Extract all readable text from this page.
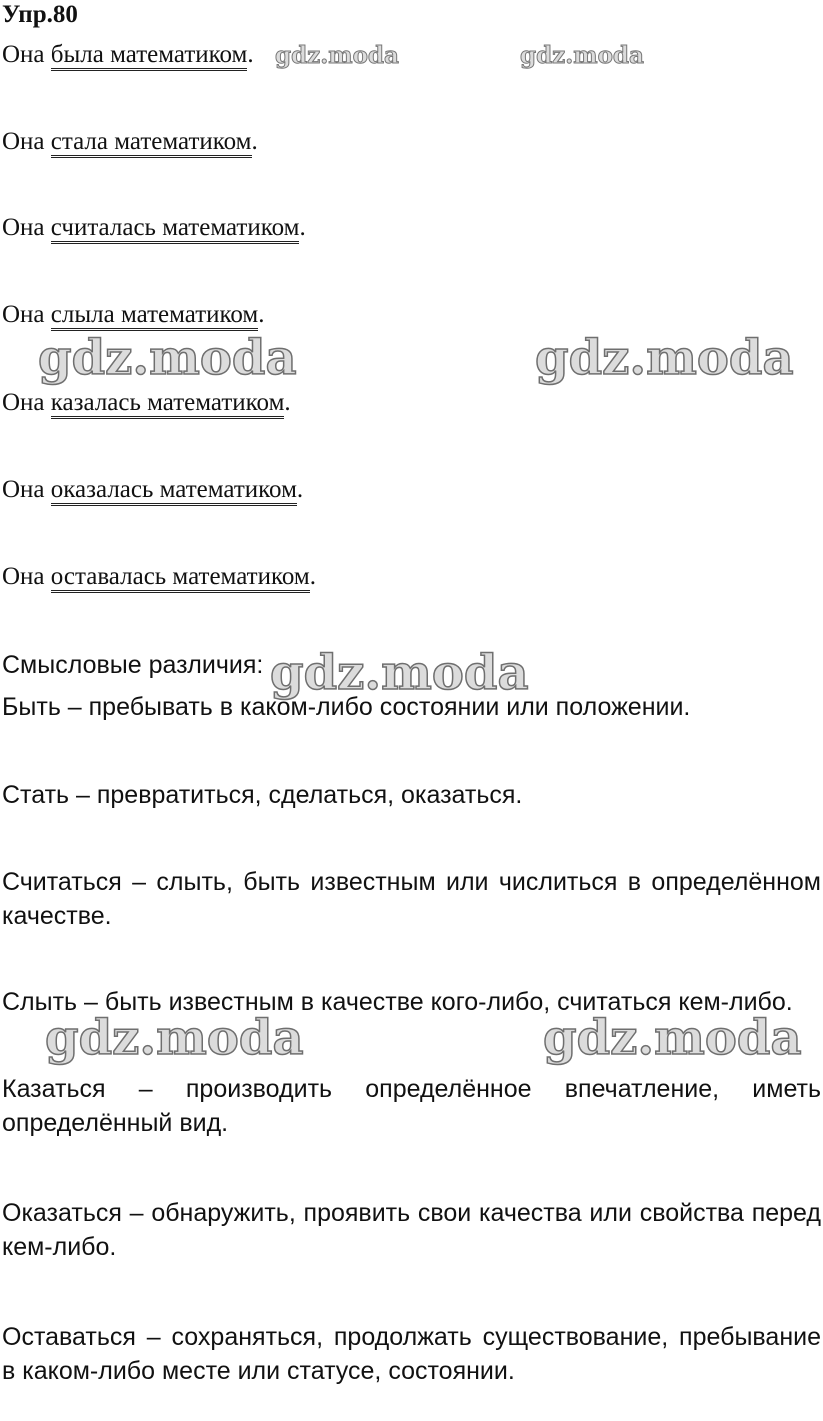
Упр.80
Она была математиком.
Она стала математиком.
Она считалась математиком.
Она слыла математиком.
Она казалась математиком.
Она оказалась математиком.
Она оставалась математиком.
Смысловые различия:
Быть – пребывать в каком-либо состоянии или положении.
Стать – превратиться, сделаться, оказаться.
Считаться – слыть, быть известным или числиться в определённом качестве.
Слыть – быть известным в качестве кого-либо, считаться кем-либо.
Казаться – производить определённое впечатление, иметь определённый вид.
Оказаться – обнаружить, проявить свои качества или свойства перед кем-либо.
Оставаться – сохраняться, продолжать существование, пребывание в каком-либо месте или статусе, состоянии.
gdz.moda	gdz.moda
gdz.moda	gdz.moda
gdz.moda
gdz.moda	gdz.moda
